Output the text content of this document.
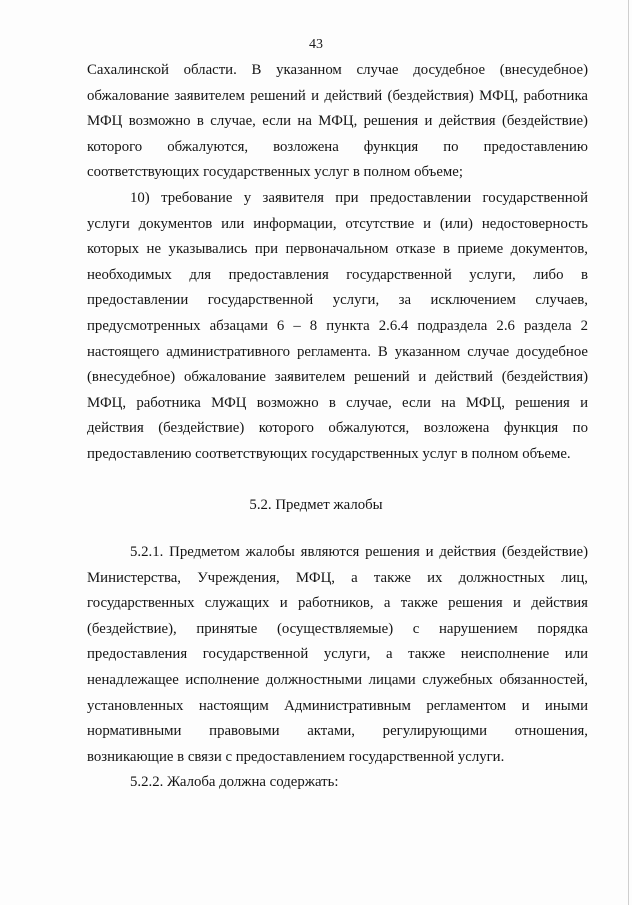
43
Сахалинской области. В указанном случае досудебное (внесудебное)
обжалование заявителем решений и действий (бездействия) МФЦ, работника
МФЦ возможно в случае, если на МФЦ, решения и действия (бездействие)
которого обжалуются, возложена функция по предоставлению
соответствующих государственных услуг в полном объеме;
10) требование у заявителя при предоставлении государственной
услуги документов или информации, отсутствие и (или) недостоверность
которых не указывались при первоначальном отказе в приеме документов,
необходимых для предоставления государственной услуги, либо в
предоставлении государственной услуги, за исключением случаев,
предусмотренных абзацами 6 – 8 пункта 2.6.4 подраздела 2.6 раздела 2
настоящего административного регламента. В указанном случае досудебное
(внесудебное) обжалование заявителем решений и действий (бездействия)
МФЦ, работника МФЦ возможно в случае, если на МФЦ, решения и
действия (бездействие) которого обжалуются, возложена функция по
предоставлению соответствующих государственных услуг в полном объеме.
5.2. Предмет жалобы
5.2.1. Предметом жалобы являются решения и действия (бездействие)
Министерства, Учреждения, МФЦ, а также их должностных лиц,
государственных служащих и работников, а также решения и действия
(бездействие), принятые (осуществляемые) с нарушением порядка
предоставления государственной услуги, а также неисполнение или
ненадлежащее исполнение должностными лицами служебных обязанностей,
установленных настоящим Административным регламентом и иными
нормативными правовыми актами, регулирующими отношения,
возникающие в связи с предоставлением государственной услуги.
5.2.2. Жалоба должна содержать:
